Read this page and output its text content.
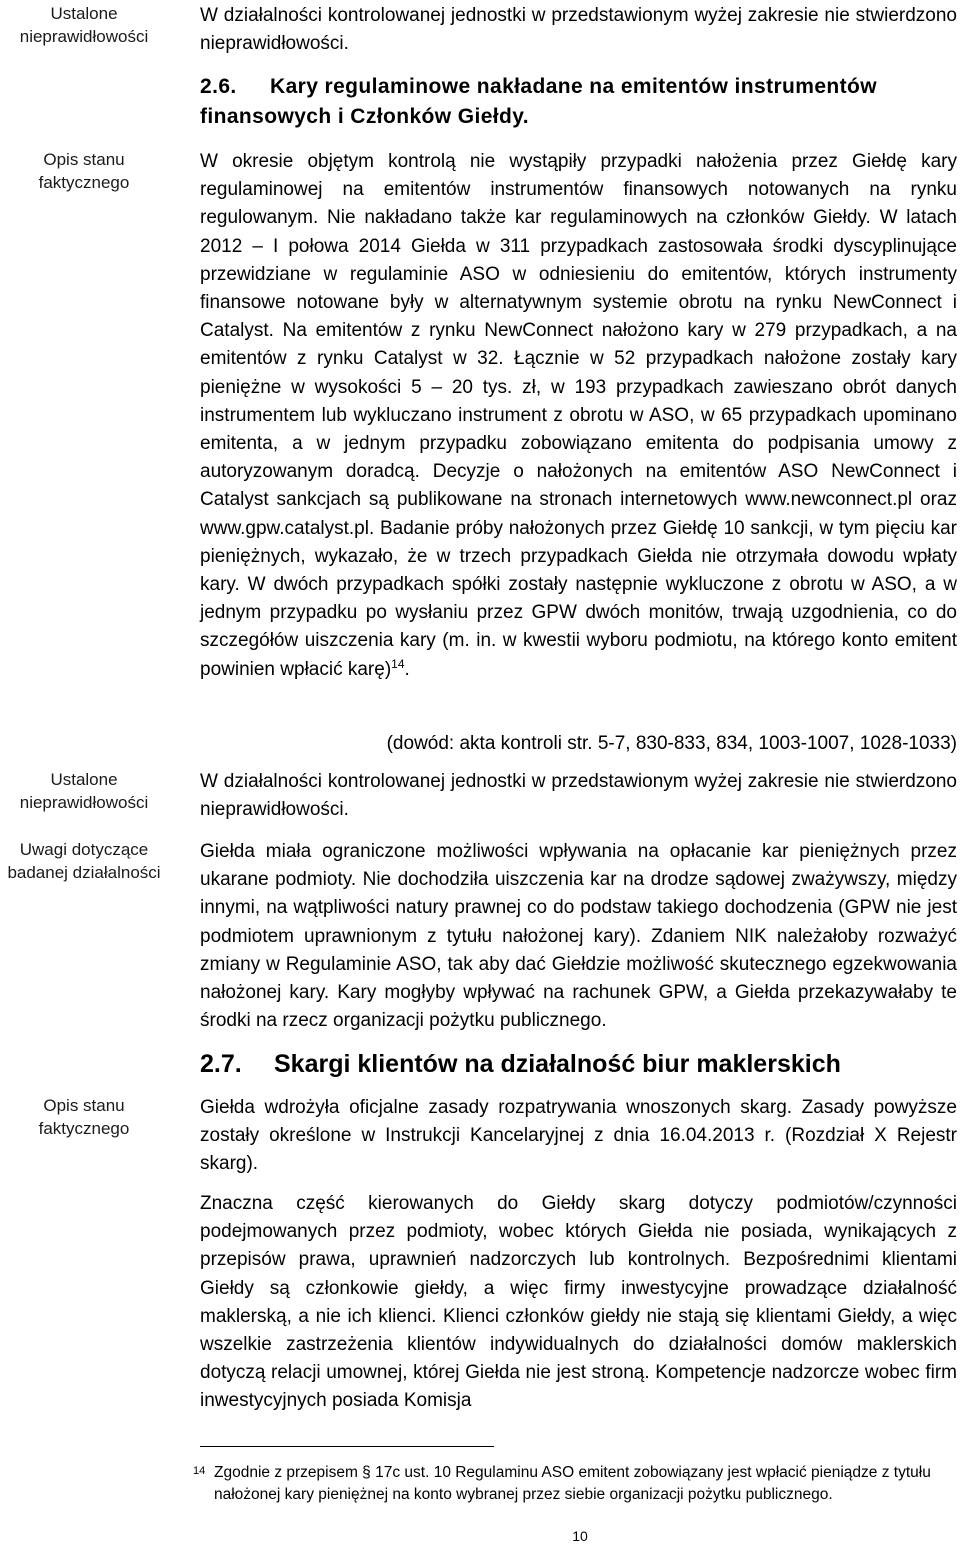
Ustalone nieprawidłowości
Opis stanu faktycznego
Ustalone nieprawidłowości
Uwagi dotyczące badanej działalności
Opis stanu faktycznego

W działalności kontrolowanej jednostki w przedstawionym wyżej zakresie nie stwierdzono nieprawidłowości.

2.6. Kary regulaminowe nakładane na emitentów instrumentów finansowych i Członków Giełdy.

W okresie objętym kontrolą nie wystąpiły przypadki nałożenia przez Giełdę kary regulaminowej na emitentów instrumentów finansowych notowanych na rynku regulowanym. Nie nakładano także kar regulaminowych na członków Giełdy. W latach 2012 – I połowa 2014 Giełda w 311 przypadkach zastosowała środki dyscyplinujące przewidziane w regulaminie ASO w odniesieniu do emitentów, których instrumenty finansowe notowane były w alternatywnym systemie obrotu na rynku NewConnect i Catalyst. Na emitentów z rynku NewConnect nałożono kary w 279 przypadkach, a na emitentów z rynku Catalyst w 32. Łącznie w 52 przypadkach nałożone zostały kary pieniężne w wysokości 5 – 20 tys. zł, w 193 przypadkach zawieszano obrót danych instrumentem lub wykluczano instrument z obrotu w ASO, w 65 przypadkach upominano emitenta, a w jednym przypadku zobowiązano emitenta do podpisania umowy z autoryzowanym doradcą. Decyzje o nałożonych na emitentów ASO NewConnect i Catalyst sankcjach są publikowane na stronach internetowych www.newconnect.pl oraz www.gpw.catalyst.pl. Badanie próby nałożonych przez Giełdę 10 sankcji, w tym pięciu kar pieniężnych, wykazało, że w trzech przypadkach Giełda nie otrzymała dowodu wpłaty kary. W dwóch przypadkach spółki zostały następnie wykluczone z obrotu w ASO, a w jednym przypadku po wysłaniu przez GPW dwóch monitów, trwają uzgodnienia, co do szczegółów uiszczenia kary (m. in. w kwestii wyboru podmiotu, na którego konto emitent powinien wpłacić karę)$^{14}$.

(dowód: akta kontroli str. 5-7, 830-833, 834, 1003-1007, 1028-1033)

W działalności kontrolowanej jednostki w przedstawionym wyżej zakresie nie stwierdzono nieprawidłowości.

Giełda miała ograniczone możliwości wpływania na opłacanie kar pieniężnych przez ukarane podmioty. Nie dochodziła uiszczenia kar na drodze sądowej zważywszy, między innymi, na wątpliwości natury prawnej co do podstaw takiego dochodzenia (GPW nie jest podmiotem uprawnionym z tytułu nałożonej kary). Zdaniem NIK należałoby rozważyć zmiany w Regulaminie ASO, tak aby dać Giełdzie możliwość skutecznego egzekwowania nałożonej kary. Kary mogłyby wpływać na rachunek GPW, a Giełda przekazywałaby te środki na rzecz organizacji pożytku publicznego.

2.7. Skargi klientów na działalność biur maklerskich

Giełda wdrożyła oficjalne zasady rozpatrywania wnoszonych skarg. Zasady powyższe zostały określone w Instrukcji Kancelaryjnej z dnia 16.04.2013 r. (Rozdział X Rejestr skarg).

Znaczna część kierowanych do Giełdy skarg dotyczy podmiotów/czynności podejmowanych przez podmioty, wobec których Giełda nie posiada, wynikających z przepisów prawa, uprawnień nadzorczych lub kontrolnych. Bezpośrednimi klientami Giełdy są członkowie giełdy, a więc firmy inwestycyjne prowadzące działalność maklerską, a nie ich klienci. Klienci członków giełdy nie stają się klientami Giełdy, a więc wszelkie zastrzeżenia klientów indywidualnych do działalności domów maklerskich dotyczą relacji umownej, której Giełda nie jest stroną. Kompetencje nadzorcze wobec firm inwestycyjnych posiada Komisja

14 Zgodnie z przepisem § 17c ust. 10 Regulaminu ASO emitent zobowiązany jest wpłacić pieniądze z tytułu nałożonej kary pieniężnej na konto wybranej przez siebie organizacji pożytku publicznego.
10
